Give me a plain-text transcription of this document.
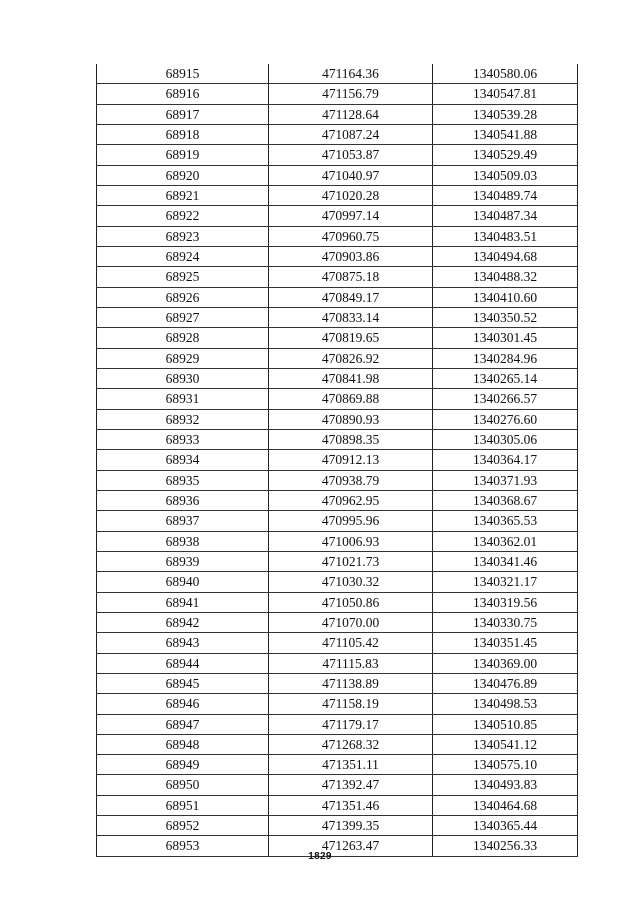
68915	471164.36	1340580.06
68916	471156.79	1340547.81
68917	471128.64	1340539.28
68918	471087.24	1340541.88
68919	471053.87	1340529.49
68920	471040.97	1340509.03
68921	471020.28	1340489.74
68922	470997.14	1340487.34
68923	470960.75	1340483.51
68924	470903.86	1340494.68
68925	470875.18	1340488.32
68926	470849.17	1340410.60
68927	470833.14	1340350.52
68928	470819.65	1340301.45
68929	470826.92	1340284.96
68930	470841.98	1340265.14
68931	470869.88	1340266.57
68932	470890.93	1340276.60
68933	470898.35	1340305.06
68934	470912.13	1340364.17
68935	470938.79	1340371.93
68936	470962.95	1340368.67
68937	470995.96	1340365.53
68938	471006.93	1340362.01
68939	471021.73	1340341.46
68940	471030.32	1340321.17
68941	471050.86	1340319.56
68942	471070.00	1340330.75
68943	471105.42	1340351.45
68944	471115.83	1340369.00
68945	471138.89	1340476.89
68946	471158.19	1340498.53
68947	471179.17	1340510.85
68948	471268.32	1340541.12
68949	471351.11	1340575.10
68950	471392.47	1340493.83
68951	471351.46	1340464.68
68952	471399.35	1340365.44
68953	471263.47	1340256.33
1829
